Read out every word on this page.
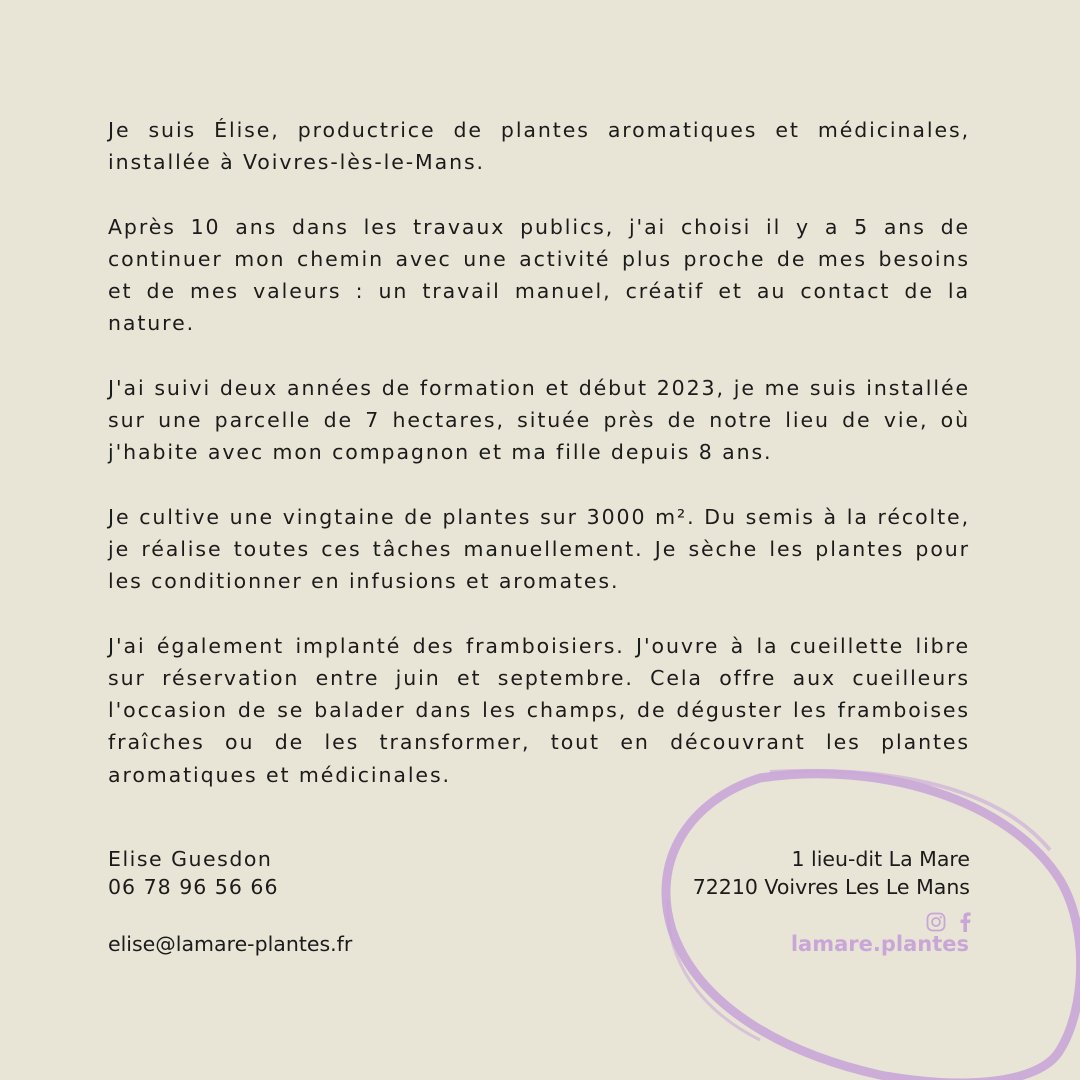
Je suis Élise, productrice de plantes aromatiques et médicinales, installée à Voivres-lès-le-Mans.

Après 10 ans dans les travaux publics, j'ai choisi il y a 5 ans de continuer mon chemin avec une activité plus proche de mes besoins et de mes valeurs : un travail manuel, créatif et au contact de la nature.

J'ai suivi deux années de formation et début 2023, je me suis installée sur une parcelle de 7 hectares, située près de notre lieu de vie, où j'habite avec mon compagnon et ma fille depuis 8 ans.

Je cultive une vingtaine de plantes sur 3000 m². Du semis à la récolte, je réalise toutes ces tâches manuellement. Je sèche les plantes pour les conditionner en infusions et aromates.

J'ai également implanté des framboisiers. J'ouvre à la cueillette libre sur réservation entre juin et septembre. Cela offre aux cueilleurs l'occasion de se balader dans les champs, de déguster les framboises fraîches ou de les transformer, tout en découvrant les plantes aromatiques et médicinales.

Elise Guesdon
06 78 96 56 66
elise@lamare-plantes.fr
1 lieu-dit La Mare
72210 Voivres Les Le Mans
lamare.plantes
